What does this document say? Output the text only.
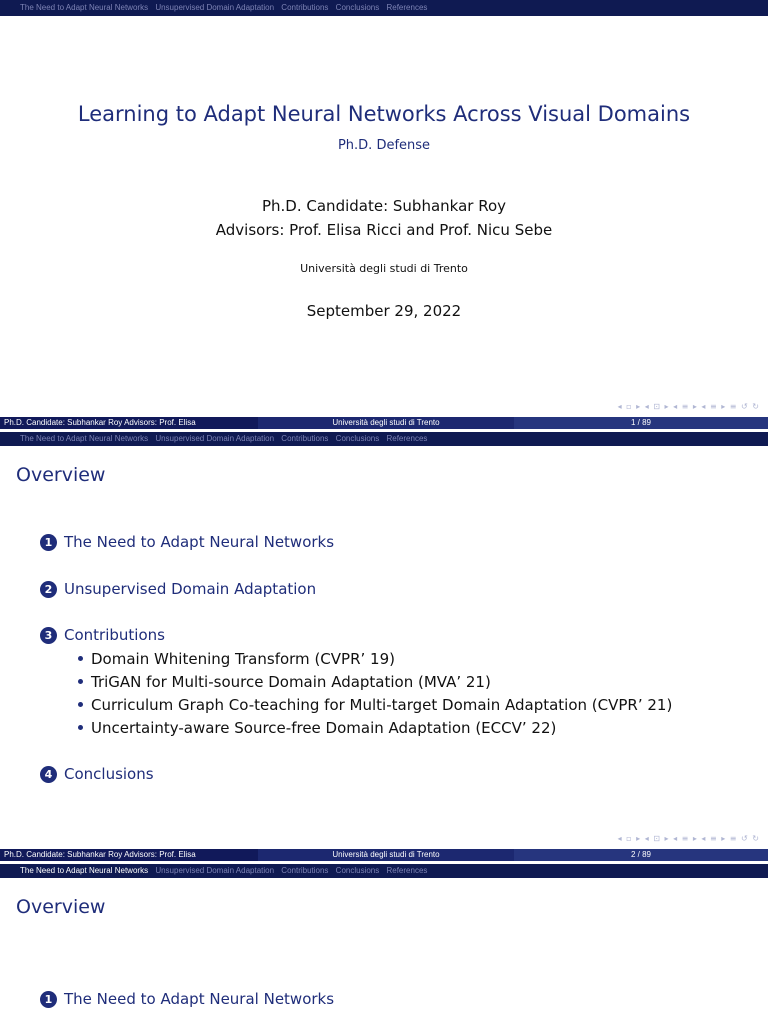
The Need to Adapt Neural Networks Unsupervised Domain Adaptation Contributions Conclusions References
Learning to Adapt Neural Networks Across Visual Domains
Ph.D. Defense
Ph.D. Candidate: Subhankar Roy
Advisors: Prof. Elisa Ricci and Prof. Nicu Sebe
Università degli studi di Trento
September 29, 2022
◂ ▫ ▸ ◂ ⊡ ▸ ◂ ≡ ▸ ◂ ≡ ▸ ≡ ↺ ↻
Ph.D. Candidate: Subhankar Roy Advisors: Prof. Elisa	Università degli studi di Trento	1 / 89
The Need to Adapt Neural Networks Unsupervised Domain Adaptation Contributions Conclusions References
Overview
1 The Need to Adapt Neural Networks
2 Unsupervised Domain Adaptation
3 Contributions
Domain Whitening Transform (CVPR’ 19)
TriGAN for Multi-source Domain Adaptation (MVA’ 21)
Curriculum Graph Co-teaching for Multi-target Domain Adaptation (CVPR’ 21)
Uncertainty-aware Source-free Domain Adaptation (ECCV’ 22)
4 Conclusions
◂ ▫ ▸ ◂ ⊡ ▸ ◂ ≡ ▸ ◂ ≡ ▸ ≡ ↺ ↻
Ph.D. Candidate: Subhankar Roy Advisors: Prof. Elisa	Università degli studi di Trento	2 / 89
The Need to Adapt Neural Networks Unsupervised Domain Adaptation Contributions Conclusions References
Overview
1 The Need to Adapt Neural Networks
